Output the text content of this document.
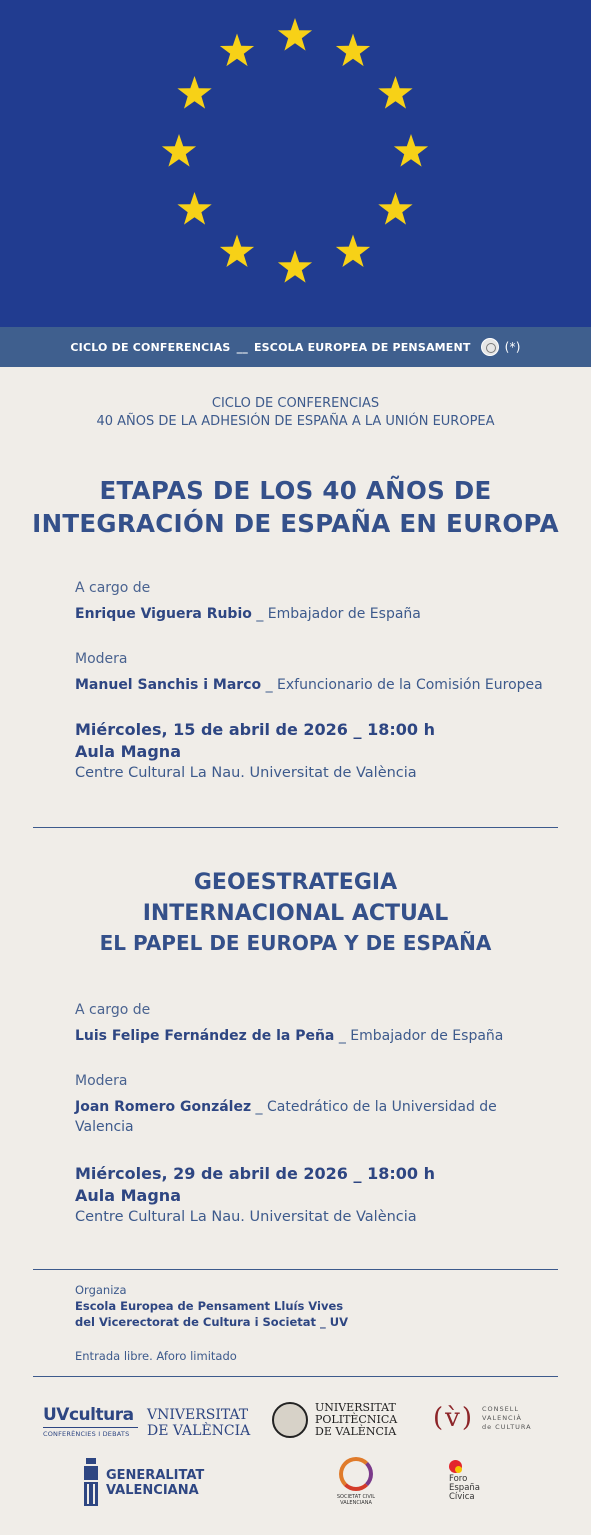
CICLO DE CONFERENCIAS __ ESCOLA EUROPEA DE PENSAMENT	(*)
CICLO DE CONFERENCIAS
40 AÑOS DE LA ADHESIÓN DE ESPAÑA A LA UNIÓN EUROPEA
ETAPAS DE LOS 40 AÑOS DE
INTEGRACIÓN DE ESPAÑA EN EUROPA
A cargo de
Enrique Viguera Rubio _ Embajador de España
Modera
Manuel Sanchis i Marco _ Exfuncionario de la Comisión Europea
Miércoles, 15 de abril de 2026 _ 18:00 h
Aula Magna
Centre Cultural La Nau. Universitat de València
GEOESTRATEGIA
INTERNACIONAL ACTUAL
EL PAPEL DE EUROPA Y DE ESPAÑA
A cargo de
Luis Felipe Fernández de la Peña _ Embajador de España
Modera
Joan Romero González _ Catedrático de la Universidad de
Valencia
Miércoles, 29 de abril de 2026 _ 18:00 h
Aula Magna
Centre Cultural La Nau. Universitat de València
Organiza
Escola Europea de Pensament Lluís Vives
del Vicerectorat de Cultura i Societat _ UV
Entrada libre. Aforo limitado
UVcultura
CONFERÈNCIES I DEBATS
VNIVERSITAT
DE VALÈNCIA
UNIVERSITAT
POLITÈCNICA
DE VALÈNCIA (v̀) CONSELL
VALENCIÀ
de CULTURA
GENERALITAT
VALENCIANA	SOCIETAT CIVIL
VALENCIANA
Foro
España
Cívica
